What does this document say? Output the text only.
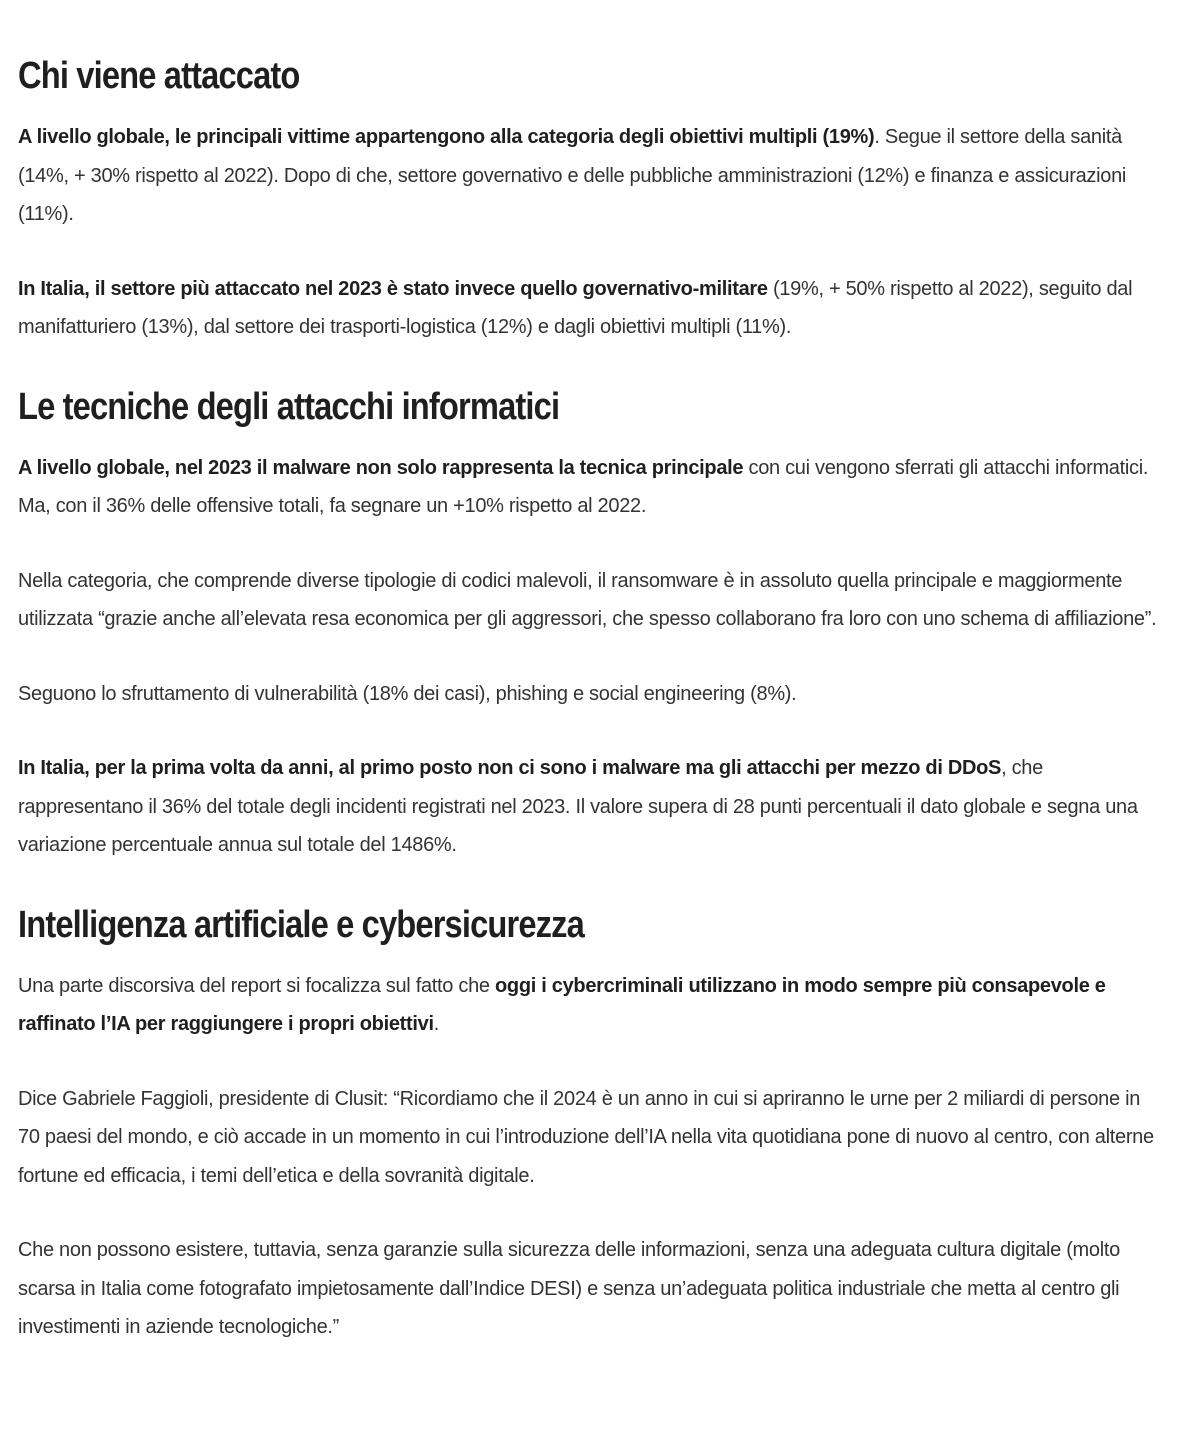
Chi viene attaccato

A livello globale, le principali vittime appartengono alla categoria degli obiettivi multipli (19%). Segue il settore della sanità (14%, + 30% rispetto al 2022). Dopo di che, settore governativo e delle pubbliche amministrazioni (12%) e finanza e assicurazioni (11%).

In Italia, il settore più attaccato nel 2023 è stato invece quello governativo-militare (19%, + 50% rispetto al 2022), seguito dal manifatturiero (13%), dal settore dei trasporti-logistica (12%) e dagli obiettivi multipli (11%).

Le tecniche degli attacchi informatici

A livello globale, nel 2023 il malware non solo rappresenta la tecnica principale con cui vengono sferrati gli attacchi informatici. Ma, con il 36% delle offensive totali, fa segnare un +10% rispetto al 2022.

Nella categoria, che comprende diverse tipologie di codici malevoli, il ransomware è in assoluto quella principale e maggiormente utilizzata “grazie anche all’elevata resa economica per gli aggressori, che spesso collaborano fra loro con uno schema di affiliazione”.

Seguono lo sfruttamento di vulnerabilità (18% dei casi), phishing e social engineering (8%).

In Italia, per la prima volta da anni, al primo posto non ci sono i malware ma gli attacchi per mezzo di DDoS, che rappresentano il 36% del totale degli incidenti registrati nel 2023. Il valore supera di 28 punti percentuali il dato globale e segna una variazione percentuale annua sul totale del 1486%.

Intelligenza artificiale e cybersicurezza

Una parte discorsiva del report si focalizza sul fatto che oggi i cybercriminali utilizzano in modo sempre più consapevole e raffinato l’IA per raggiungere i propri obiettivi.

Dice Gabriele Faggioli, presidente di Clusit: “Ricordiamo che il 2024 è un anno in cui si apriranno le urne per 2 miliardi di persone in 70 paesi del mondo, e ciò accade in un momento in cui l’introduzione dell’IA nella vita quotidiana pone di nuovo al centro, con alterne fortune ed efficacia, i temi dell’etica e della sovranità digitale.

Che non possono esistere, tuttavia, senza garanzie sulla sicurezza delle informazioni, senza una adeguata cultura digitale (molto scarsa in Italia come fotografato impietosamente dall’Indice DESI) e senza un’adeguata politica industriale che metta al centro gli investimenti in aziende tecnologiche.”
